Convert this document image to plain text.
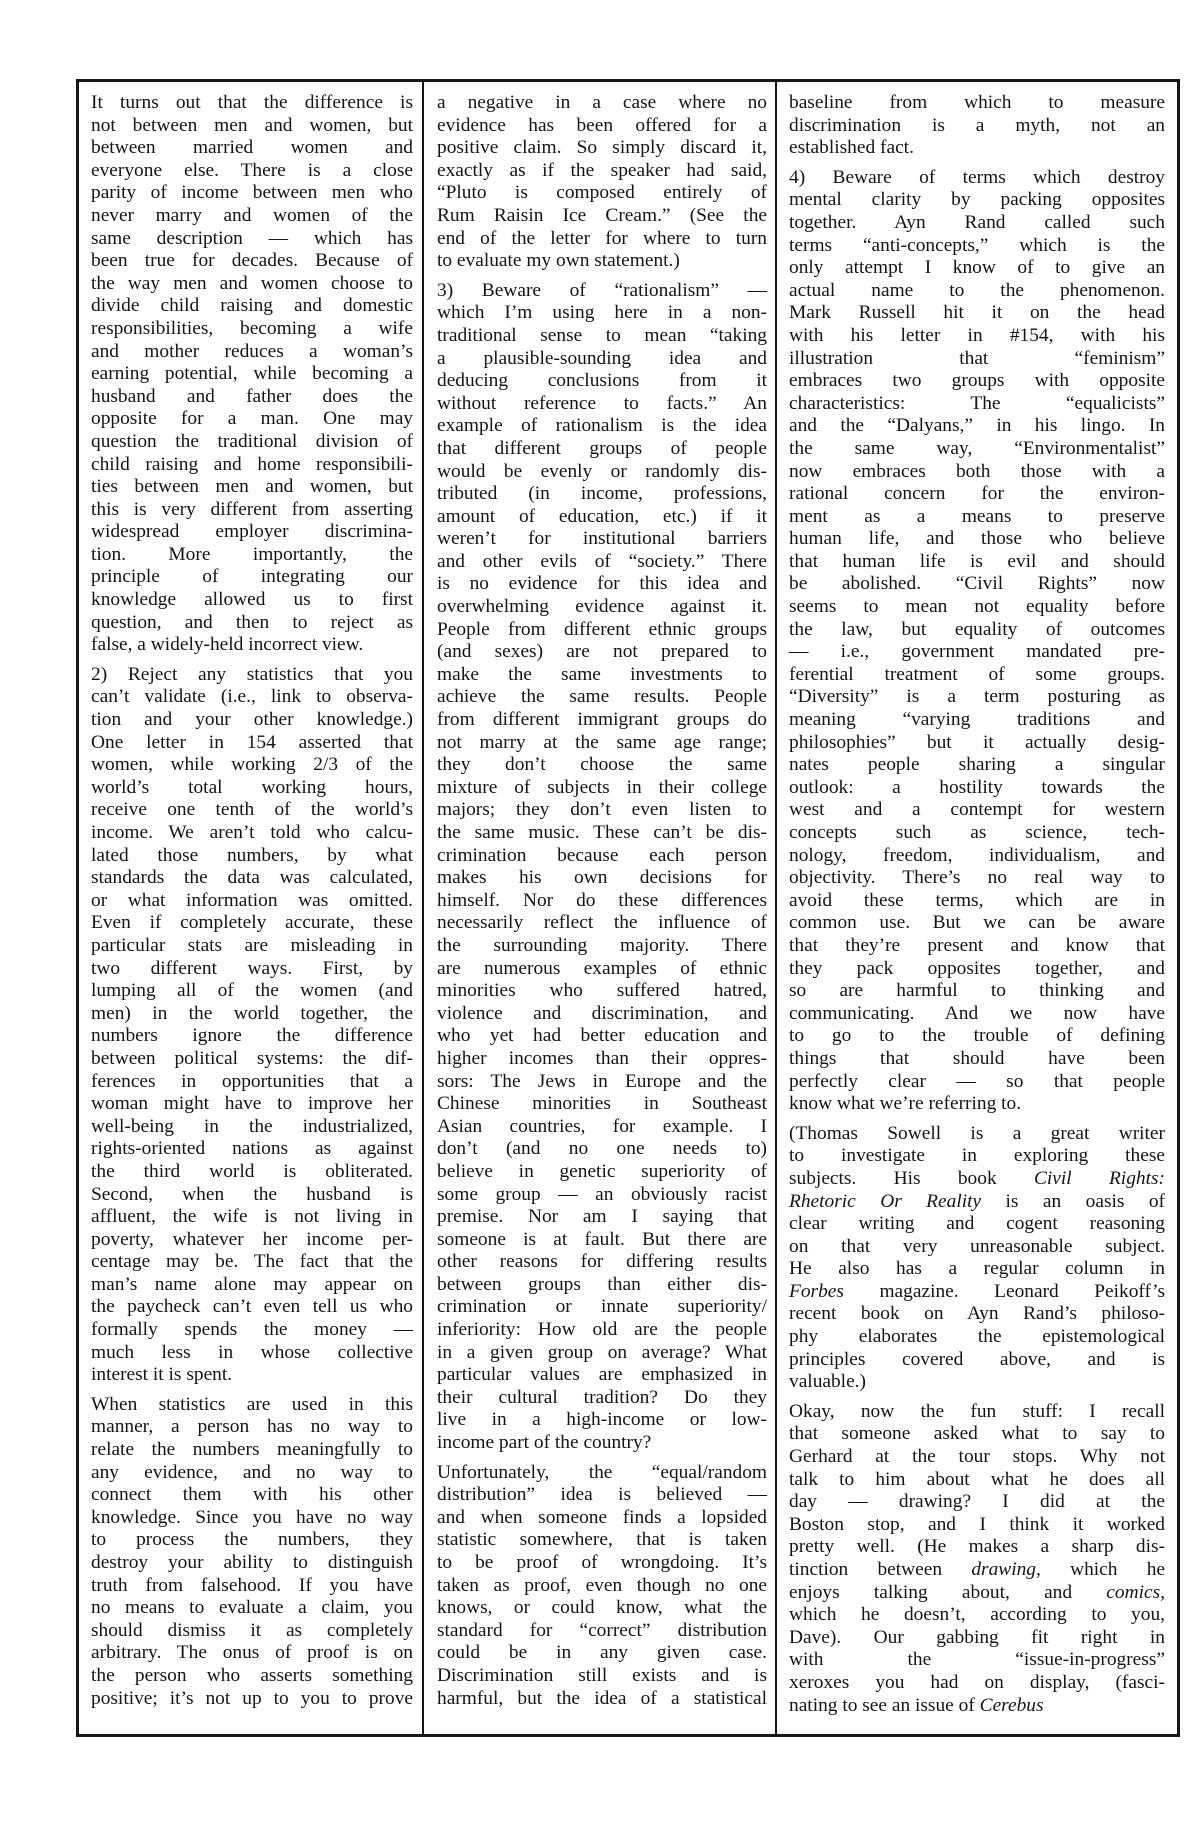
It turns out that the difference is
not between men and women, but
between married women and
everyone else. There is a close
parity of income between men who
never marry and women of the
same description — which has
been true for decades. Because of
the way men and women choose to
divide child raising and domestic
responsibilities, becoming a wife
and mother reduces a woman’s
earning potential, while becoming a
husband and father does the
opposite for a man. One may
question the traditional division of
child raising and home responsibili-
ties between men and women, but
this is very different from asserting
widespread employer discrimina-
tion. More importantly, the
principle of integrating our
knowledge allowed us to first
question, and then to reject as
false, a widely-held incorrect view.
2) Reject any statistics that you
can’t validate (i.e., link to observa-
tion and your other knowledge.)
One letter in 154 asserted that
women, while working 2/3 of the
world’s total working hours,
receive one tenth of the world’s
income. We aren’t told who calcu-
lated those numbers, by what
standards the data was calculated,
or what information was omitted.
Even if completely accurate, these
particular stats are misleading in
two different ways. First, by
lumping all of the women (and
men) in the world together, the
numbers ignore the difference
between political systems: the dif-
ferences in opportunities that a
woman might have to improve her
well-being in the industrialized,
rights-oriented nations as against
the third world is obliterated.
Second, when the husband is
affluent, the wife is not living in
poverty, whatever her income per-
centage may be. The fact that the
man’s name alone may appear on
the paycheck can’t even tell us who
formally spends the money —
much less in whose collective
interest it is spent.
When statistics are used in this
manner, a person has no way to
relate the numbers meaningfully to
any evidence, and no way to
connect them with his other
knowledge. Since you have no way
to process the numbers, they
destroy your ability to distinguish
truth from falsehood. If you have
no means to evaluate a claim, you
should dismiss it as completely
arbitrary. The onus of proof is on
the person who asserts something
positive; it’s not up to you to prove
a negative in a case where no
evidence has been offered for a
positive claim. So simply discard it,
exactly as if the speaker had said,
“Pluto is composed entirely of
Rum Raisin Ice Cream.” (See the
end of the letter for where to turn
to evaluate my own statement.)
3) Beware of “rationalism” —
which I’m using here in a non-
traditional sense to mean “taking
a plausible-sounding idea and
deducing conclusions from it
without reference to facts.” An
example of rationalism is the idea
that different groups of people
would be evenly or randomly dis-
tributed (in income, professions,
amount of education, etc.) if it
weren’t for institutional barriers
and other evils of “society.” There
is no evidence for this idea and
overwhelming evidence against it.
People from different ethnic groups
(and sexes) are not prepared to
make the same investments to
achieve the same results. People
from different immigrant groups do
not marry at the same age range;
they don’t choose the same
mixture of subjects in their college
majors; they don’t even listen to
the same music. These can’t be dis-
crimination because each person
makes his own decisions for
himself. Nor do these differences
necessarily reflect the influence of
the surrounding majority. There
are numerous examples of ethnic
minorities who suffered hatred,
violence and discrimination, and
who yet had better education and
higher incomes than their oppres-
sors: The Jews in Europe and the
Chinese minorities in Southeast
Asian countries, for example. I
don’t (and no one needs to)
believe in genetic superiority of
some group — an obviously racist
premise. Nor am I saying that
someone is at fault. But there are
other reasons for differing results
between groups than either dis-
crimination or innate superiority/
inferiority: How old are the people
in a given group on average? What
particular values are emphasized in
their cultural tradition? Do they
live in a high-income or low-
income part of the country?
Unfortunately, the “equal/random
distribution” idea is believed —
and when someone finds a lopsided
statistic somewhere, that is taken
to be proof of wrongdoing. It’s
taken as proof, even though no one
knows, or could know, what the
standard for “correct” distribution
could be in any given case.
Discrimination still exists and is
harmful, but the idea of a statistical
baseline from which to measure
discrimination is a myth, not an
established fact.
4) Beware of terms which destroy
mental clarity by packing opposites
together. Ayn Rand called such
terms “anti-concepts,” which is the
only attempt I know of to give an
actual name to the phenomenon.
Mark Russell hit it on the head
with his letter in #154, with his
illustration that “feminism”
embraces two groups with opposite
characteristics: The “equalicists”
and the “Dalyans,” in his lingo. In
the same way, “Environmentalist”
now embraces both those with a
rational concern for the environ-
ment as a means to preserve
human life, and those who believe
that human life is evil and should
be abolished. “Civil Rights” now
seems to mean not equality before
the law, but equality of outcomes
— i.e., government mandated pre-
ferential treatment of some groups.
“Diversity” is a term posturing as
meaning “varying traditions and
philosophies” but it actually desig-
nates people sharing a singular
outlook: a hostility towards the
west and a contempt for western
concepts such as science, tech-
nology, freedom, individualism, and
objectivity. There’s no real way to
avoid these terms, which are in
common use. But we can be aware
that they’re present and know that
they pack opposites together, and
so are harmful to thinking and
communicating. And we now have
to go to the trouble of defining
things that should have been
perfectly clear — so that people
know what we’re referring to.
(Thomas Sowell is a great writer
to investigate in exploring these
subjects. His book Civil Rights:
Rhetoric Or Reality is an oasis of
clear writing and cogent reasoning
on that very unreasonable subject.
He also has a regular column in
Forbes magazine. Leonard Peikoff’s
recent book on Ayn Rand’s philoso-
phy elaborates the epistemological
principles covered above, and is
valuable.)
Okay, now the fun stuff: I recall
that someone asked what to say to
Gerhard at the tour stops. Why not
talk to him about what he does all
day — drawing? I did at the
Boston stop, and I think it worked
pretty well. (He makes a sharp dis-
tinction between drawing, which he
enjoys talking about, and comics,
which he doesn’t, according to you,
Dave). Our gabbing fit right in
with the “issue-in-progress”
xeroxes you had on display, (fasci-
nating to see an issue of Cerebus
